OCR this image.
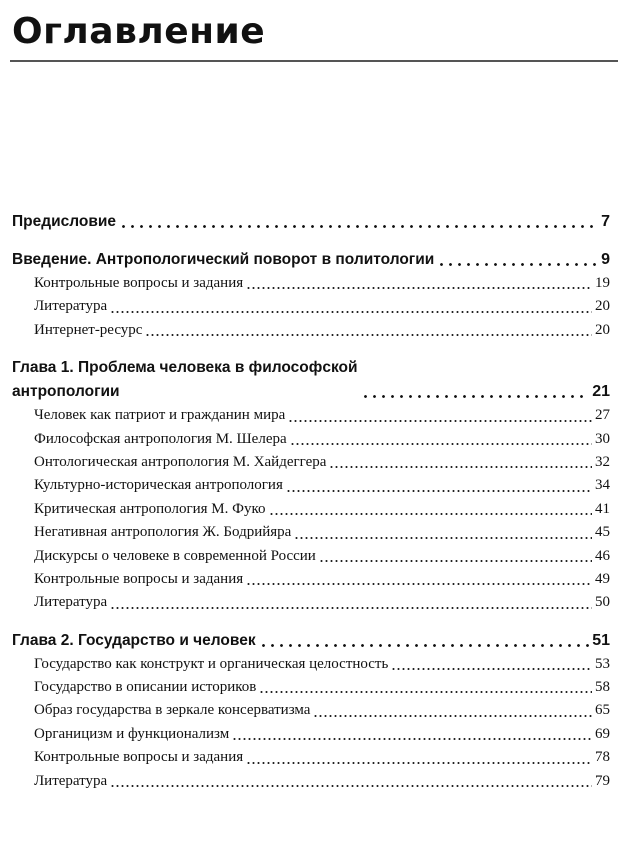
Оглавление
Предисловие	7
Введение. Антропологический поворот в политологии	9
Контрольные вопросы и задания	19
Литература	20
Интернет-ресурс	20
Глава 1. Проблема человека в философской
антропологии	21
Человек как патриот и гражданин мира	27
Философская антропология М. Шелера	30
Онтологическая антропология М. Хайдеггера	32
Культурно-историческая антропология	34
Критическая антропология М. Фуко	41
Негативная антропология Ж. Бодрийяра	45
Дискурсы о человеке в современной России	46
Контрольные вопросы и задания	49
Литература	50
Глава 2. Государство и человек	51
Государство как конструкт и органическая целостность	53
Государство в описании историков	58
Образ государства в зеркале консерватизма	65
Органицизм и функционализм	69
Контрольные вопросы и задания	78
Литература	79
